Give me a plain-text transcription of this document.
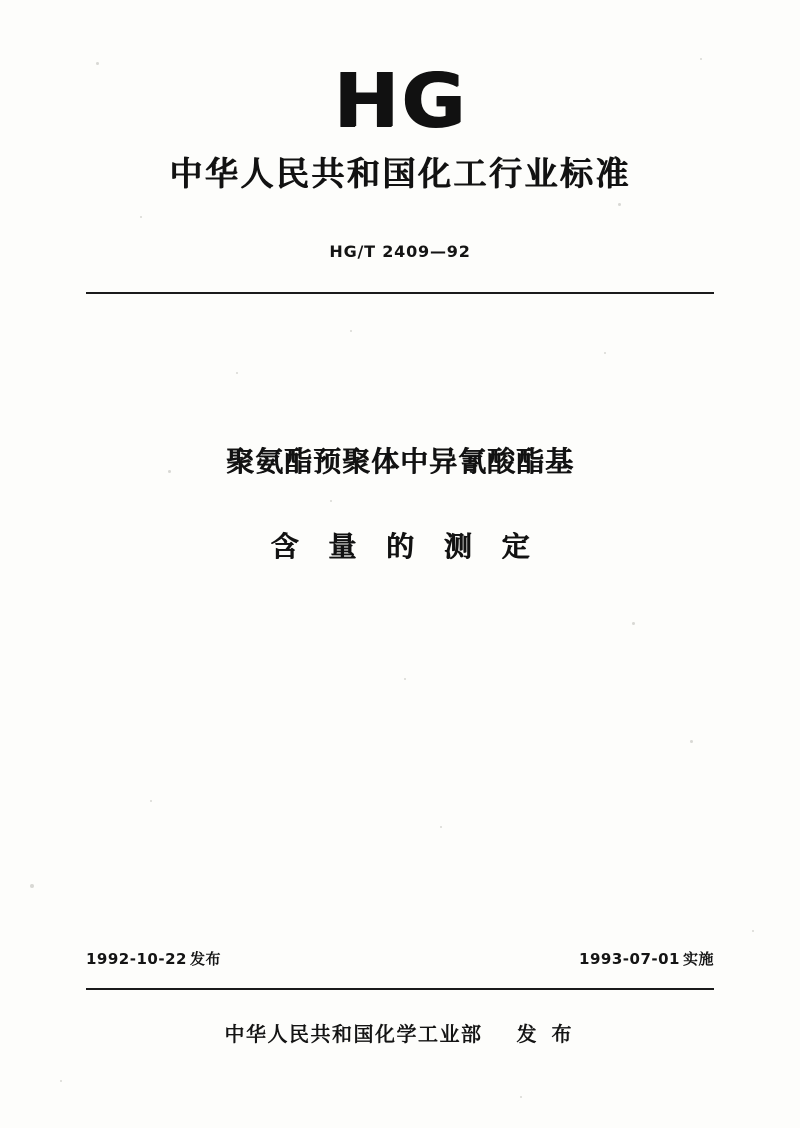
HG
中华人民共和国化工行业标准
HG/T 2409—92
聚氨酯预聚体中异氰酸酯基
含 量 的 测 定
1992-10-22 发布	1993-07-01 实施
中华人民共和国化学工业部 发 布
